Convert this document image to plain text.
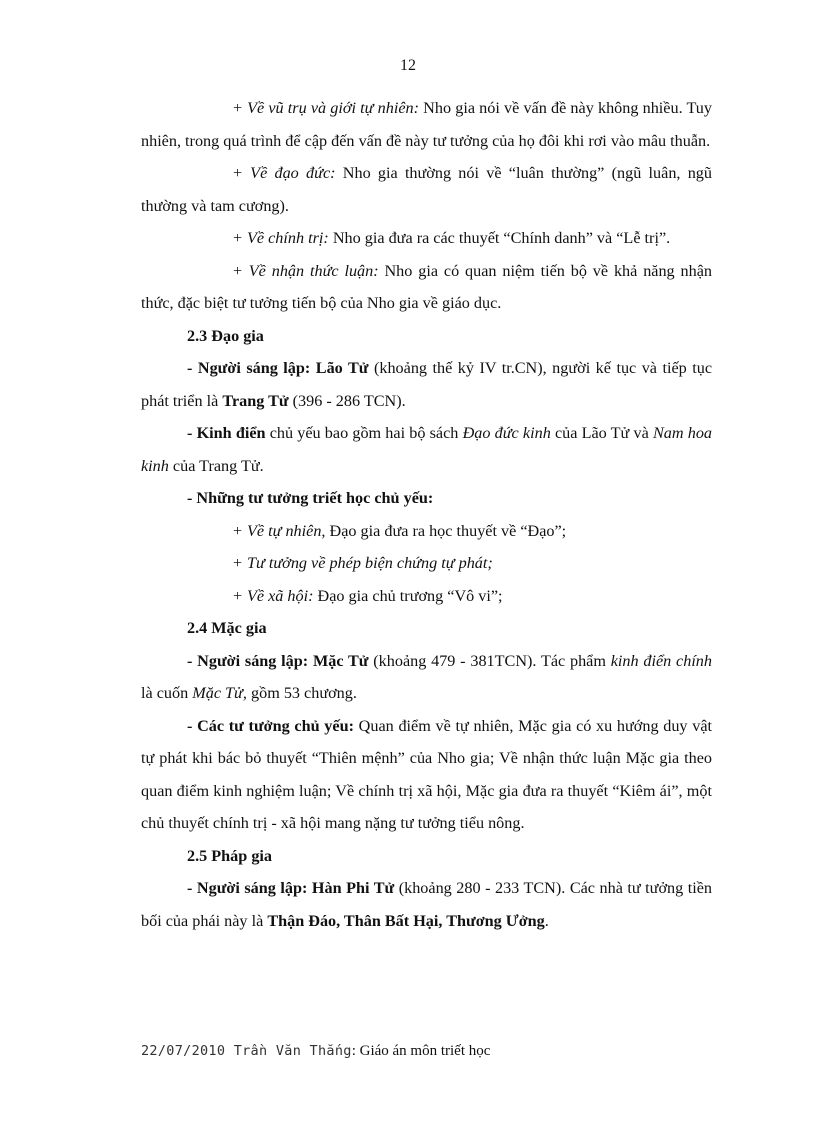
12

+ Về vũ trụ và giới tự nhiên: Nho gia nói về vấn đề này không nhiều. Tuy nhiên, trong quá trình để cập đến vấn đề này tư tưởng của họ đôi khi rơi vào mâu thuẫn.

+ Về đạo đức: Nho gia thường nói về “luân thường” (ngũ luân, ngũ thường và tam cương).

+ Về chính trị: Nho gia đưa ra các thuyết “Chính danh” và “Lễ trị”.

+ Về nhận thức luận: Nho gia có quan niệm tiến bộ về khả năng nhận thức, đặc biệt tư tưởng tiến bộ của Nho gia về giáo dục.

2.3 Đạo gia

- Người sáng lập: Lão Tử (khoảng thế kỷ IV tr.CN), người kế tục và tiếp tục phát triển là Trang Tử (396 - 286 TCN).

- Kinh điển chủ yếu bao gồm hai bộ sách Đạo đức kinh của Lão Tử và Nam hoa kinh của Trang Tử.

- Những tư tưởng triết học chủ yếu:

+ Về tự nhiên, Đạo gia đưa ra học thuyết về “Đạo”;

+ Tư tưởng về phép biện chứng tự phát;

+ Về xã hội: Đạo gia chủ trương “Vô vi”;

2.4 Mặc gia

- Người sáng lập: Mặc Tử (khoảng 479 - 381TCN). Tác phẩm kinh điển chính là cuốn Mặc Tử, gồm 53 chương.

- Các tư tưởng chủ yếu: Quan điểm về tự nhiên, Mặc gia có xu hướng duy vật tự phát khi bác bỏ thuyết “Thiên mệnh” của Nho gia; Về nhận thức luận Mặc gia theo quan điểm kinh nghiệm luận; Về chính trị xã hội, Mặc gia đưa ra thuyết “Kiêm ái”, một chủ thuyết chính trị - xã hội mang nặng tư tưởng tiểu nông.

2.5 Pháp gia

- Người sáng lập: Hàn Phi Tử (khoảng 280 - 233 TCN). Các nhà tư tưởng tiền bối của phái này là Thận Đáo, Thân Bất Hại, Thương Ưởng.

22/07/2010 Trần Văn Thắng: Giáo án môn triết học
